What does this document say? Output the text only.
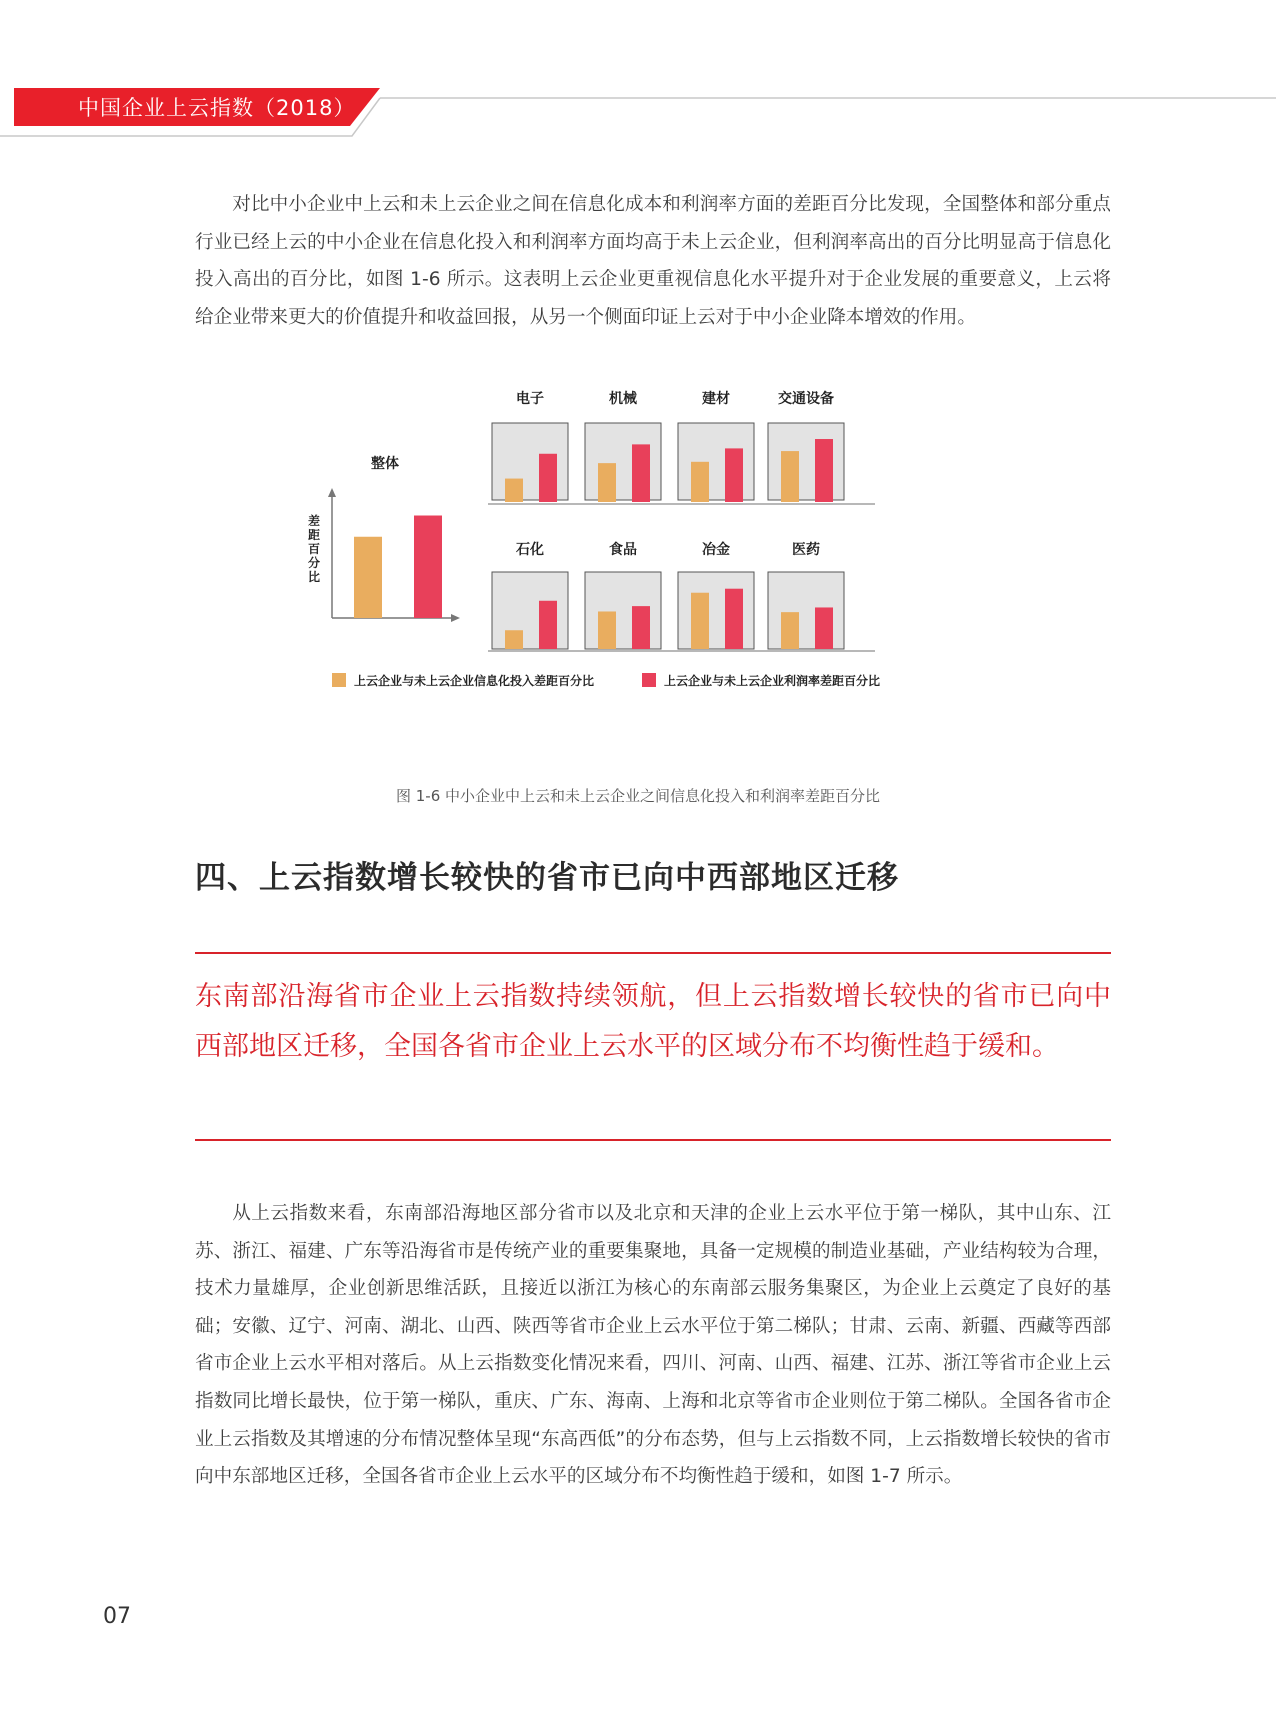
中国企业上云指数（2018）

对比中小企业中上云和未上云企业之间在信息化成本和利润率方面的差距百分比发现，全国整体和部分重点行业已经上云的中小企业在信息化投入和利润率方面均高于未上云企业，但利润率高出的百分比明显高于信息化投入高出的百分比，如图 1-6 所示。这表明上云企业更重视信息化水平提升对于企业发展的重要意义，上云将给企业带来更大的价值提升和收益回报，从另一个侧面印证上云对于中小企业降本增效的作用。

整体
差
距
百
分
比
电子	机械	建材	交通设备
石化	食品	冶金	医药
上云企业与未上云企业信息化投入差距百分比	上云企业与未上云企业利润率差距百分比
图 1-6 中小企业中上云和未上云企业之间信息化投入和利润率差距百分比
四、上云指数增长较快的省市已向中西部地区迁移

东南部沿海省市企业上云指数持续领航，但上云指数增长较快的省市已向中西部地区迁移，全国各省市企业上云水平的区域分布不均衡性趋于缓和。

从上云指数来看，东南部沿海地区部分省市以及北京和天津的企业上云水平位于第一梯队，其中山东、江苏、浙江、福建、广东等沿海省市是传统产业的重要集聚地，具备一定规模的制造业基础，产业结构较为合理，技术力量雄厚，企业创新思维活跃，且接近以浙江为核心的东南部云服务集聚区，为企业上云奠定了良好的基础；安徽、辽宁、河南、湖北、山西、陕西等省市企业上云水平位于第二梯队；甘肃、云南、新疆、西藏等西部省市企业上云水平相对落后。从上云指数变化情况来看，四川、河南、山西、福建、江苏、浙江等省市企业上云指数同比增长最快，位于第一梯队，重庆、广东、海南、上海和北京等省市企业则位于第二梯队。全国各省市企业上云指数及其增速的分布情况整体呈现“东高西低”的分布态势，但与上云指数不同，上云指数增长较快的省市向中东部地区迁移，全国各省市企业上云水平的区域分布不均衡性趋于缓和，如图 1-7 所示。

07
